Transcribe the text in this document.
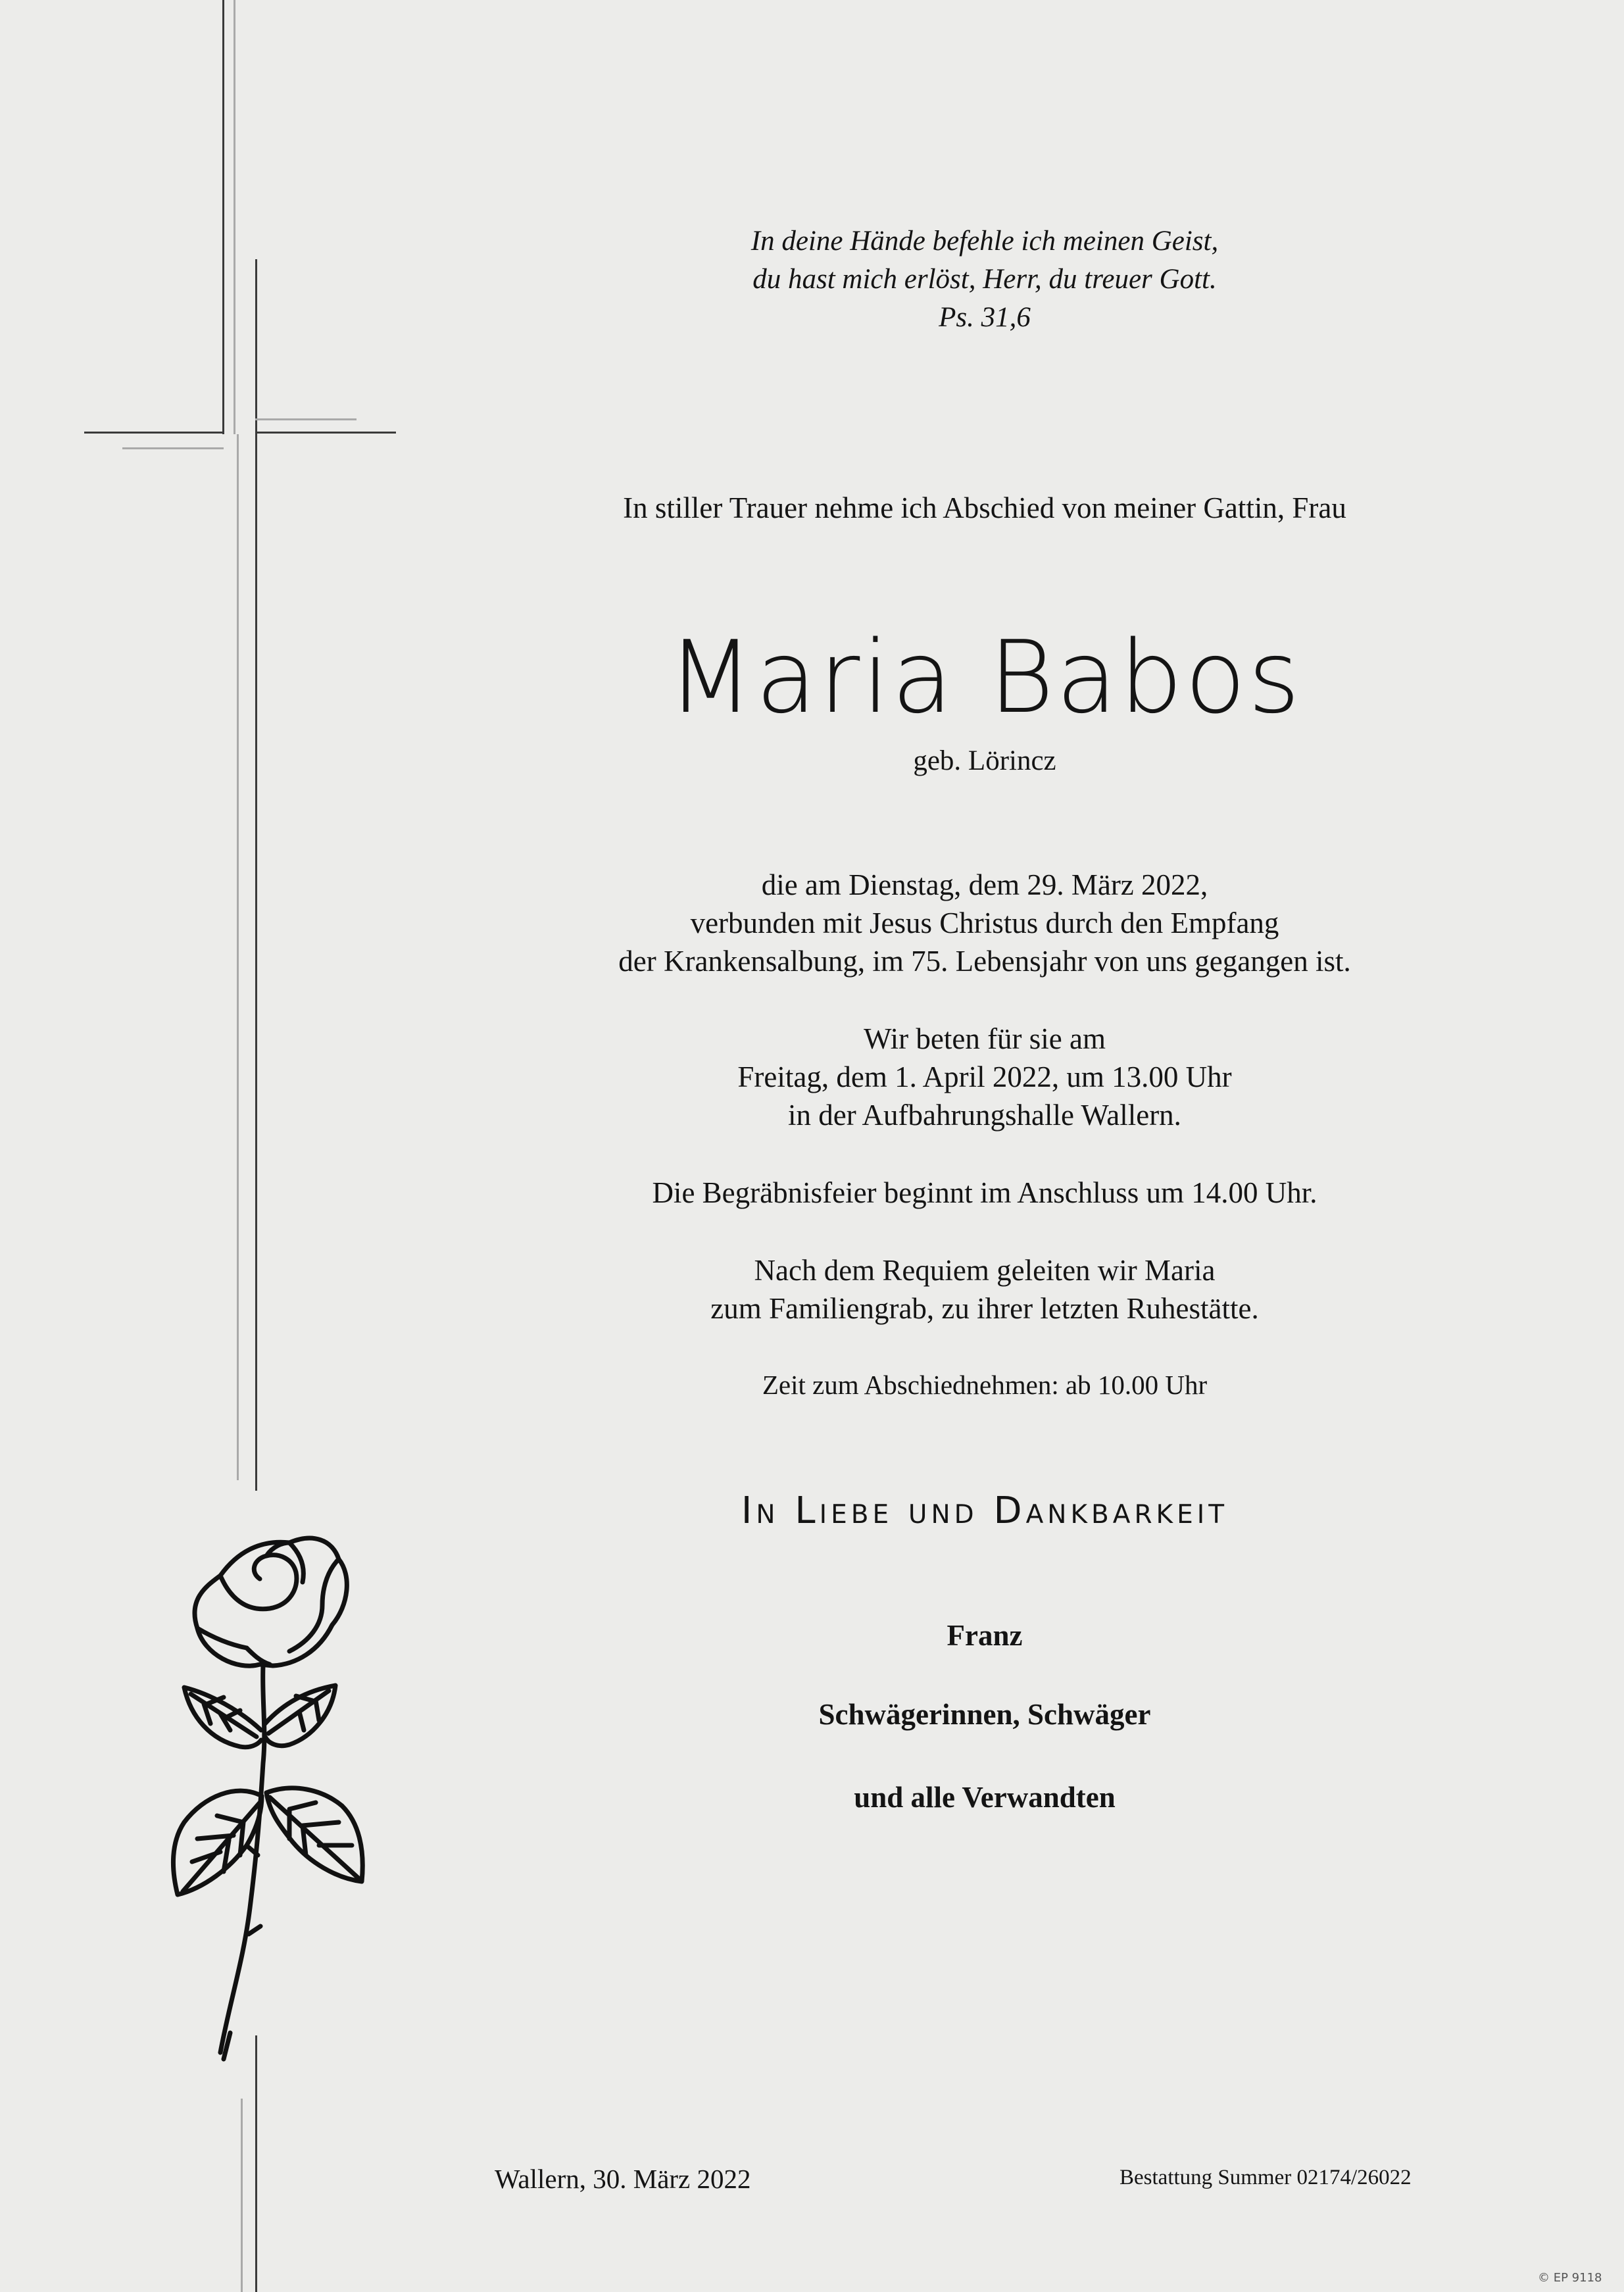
In deine Hände befehle ich meinen Geist,
du hast mich erlöst, Herr, du treuer Gott.
Ps. 31,6
In stiller Trauer nehme ich Abschied von meiner Gattin, Frau
Maria Babos
geb. Lörincz
die am Dienstag, dem 29. März 2022,
verbunden mit Jesus Christus durch den Empfang
der Krankensalbung, im 75. Lebensjahr von uns gegangen ist.
Wir beten für sie am
Freitag, dem 1. April 2022, um 13.00 Uhr
in der Aufbahrungshalle Wallern.
Die Begräbnisfeier beginnt im Anschluss um 14.00 Uhr.
Nach dem Requiem geleiten wir Maria
zum Familiengrab, zu ihrer letzten Ruhestätte.
Zeit zum Abschiednehmen: ab 10.00 Uhr
In Liebe und Dankbarkeit
Franz
Schwägerinnen, Schwäger
und alle Verwandten
Wallern, 30. März 2022	Bestattung Summer 02174/26022
© EP 9118
